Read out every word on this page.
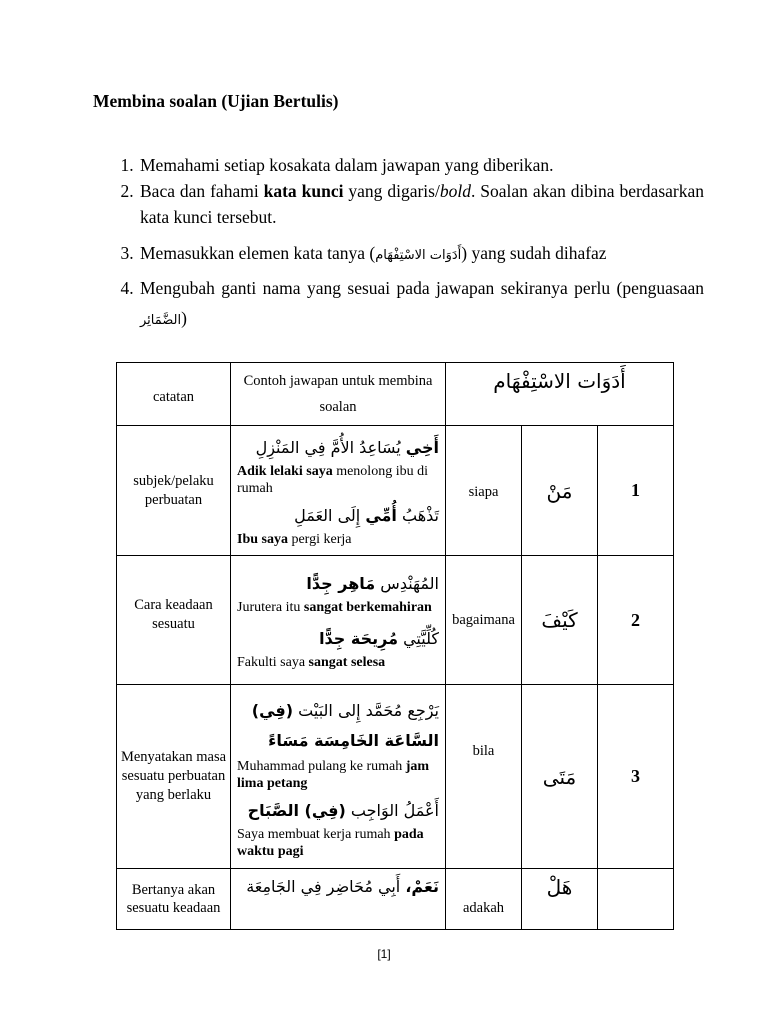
Membina soalan (Ujian Bertulis)
1. Memahami setiap kosakata dalam jawapan yang diberikan.
2. Baca dan fahami kata kunci yang digaris/bold. Soalan akan dibina berdasarkan kata kunci tersebut.
3. Memasukkan elemen kata tanya (أَدَوَات الاسْتِفْهَام) yang sudah dihafaz
4. Mengubah ganti nama yang sesuai pada jawapan sekiranya perlu (penguasaan الضَّمَائِر)
catatan	Contoh jawapan untuk membina soalan	أَدَوَات الاسْتِفْهَام		
subjek/pelaku perbuatan	أَخِي يُسَاعِدُ الأُمَّ فِي المَنْزِلِ
Adik lelaki saya menolong ibu di rumah
تَذْهَبُ أُمِّي إِلَى العَمَلِ
Ibu saya pergi kerja	siapa	مَنْ	1
Cara keadaan sesuatu	المُهَنْدِس مَاهِر جِدًّا
Jurutera itu sangat berkemahiran
كُلِّيَّتِي مُرِيحَة جِدًّا
Fakulti saya sangat selesa	bagaimana	كَيْفَ	2
Menyatakan masa sesuatu perbuatan yang berlaku	يَرْجِع مُحَمَّد إِلى البَيْت (فِي) السَّاعَة الخَامِسَة مَسَاءً
Muhammad pulang ke rumah jam lima petang
أَعْمَلُ الوَاجِب (فِي) الصَّبَاح
Saya membuat kerja rumah pada waktu pagi	bila	مَتَى	3
Bertanya akan sesuatu keadaan	نَعَمْ، أَبِي مُحَاضِر فِي الجَامِعَة	adakah	هَلْ	
[1]
